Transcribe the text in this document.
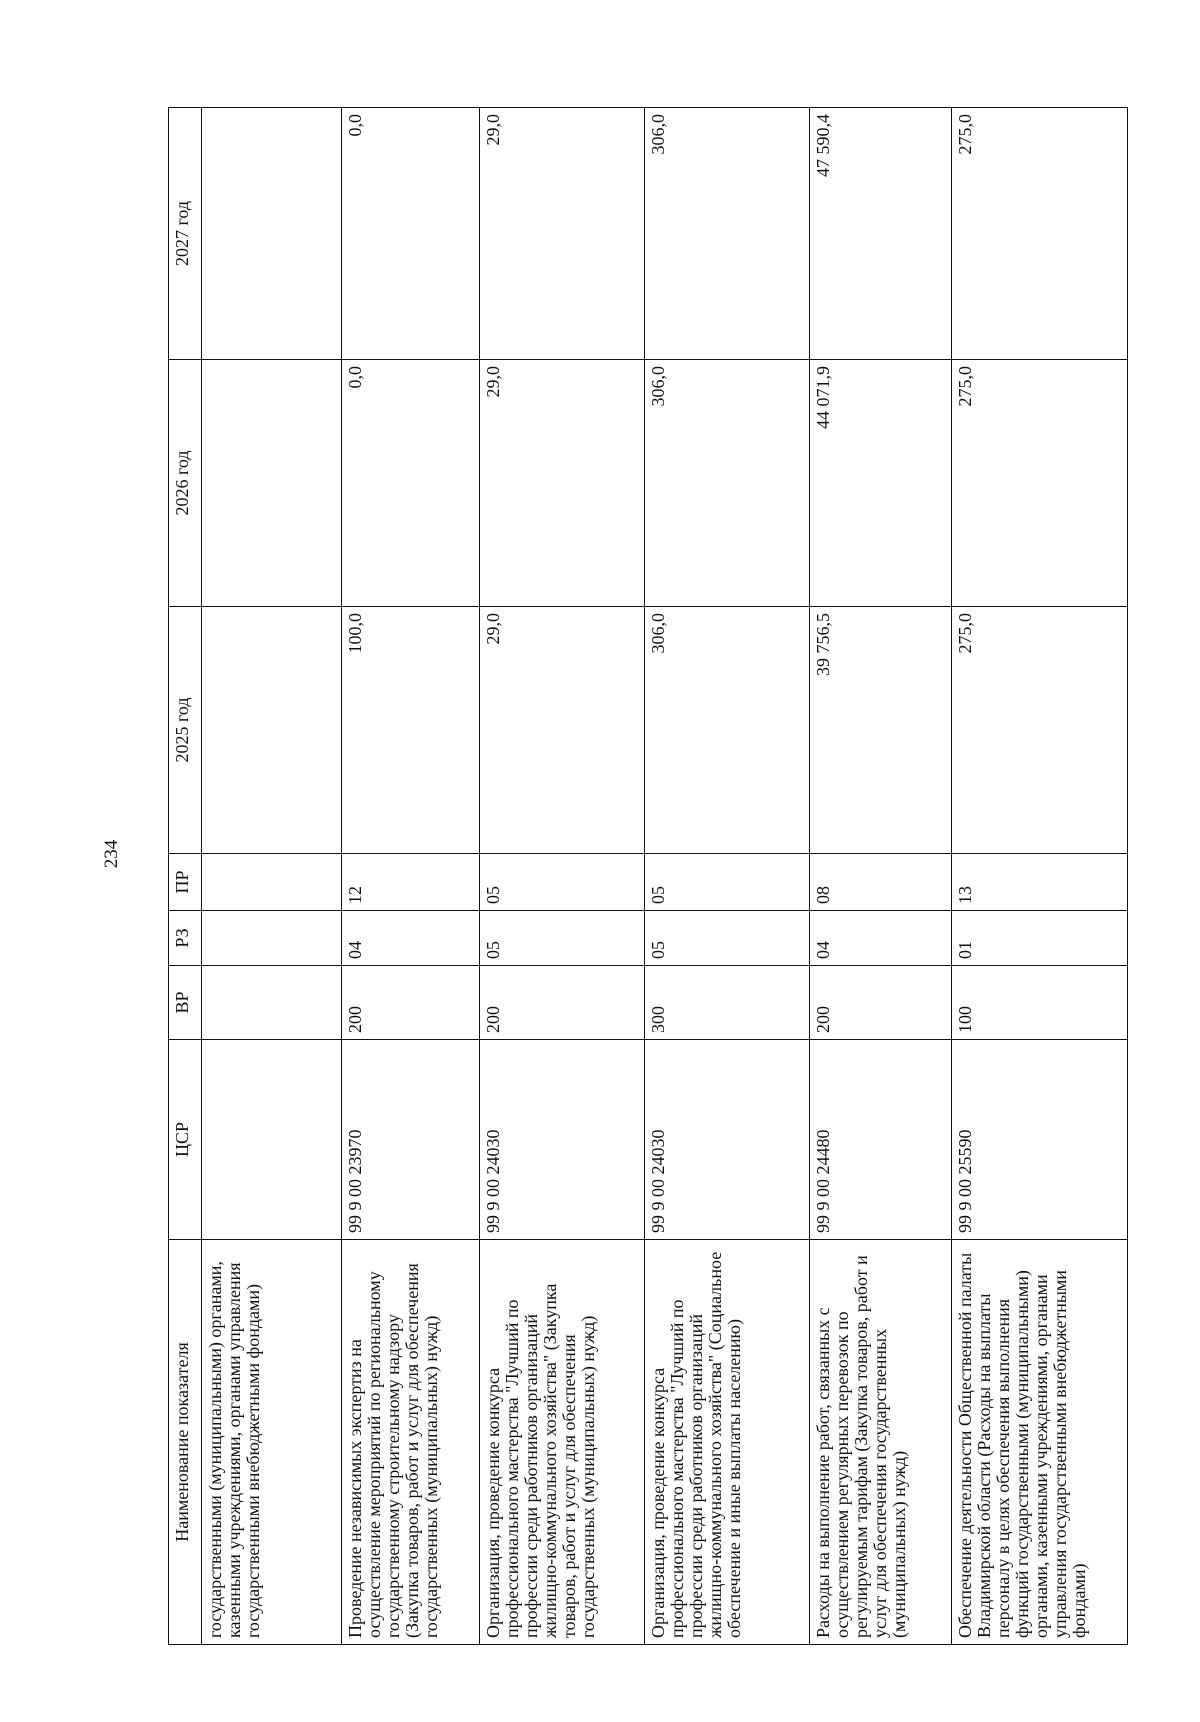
234
Наименование показателя	ЦСР	ВР	РЗ	ПР	2025 год	2026 год	2027 год
государственными (муниципальными) органами, казенными учреждениями, органами управления государственными внебюджетными фондами)							
Проведение независимых экспертиз на осуществление мероприятий по региональному государственному строительному надзору (Закупка товаров, работ и услуг для обеспечения государственных (муниципальных) нужд)	99 9 00 23970	200	04	12	100,0	0,0	0,0
Организация, проведение конкурса профессионального мастерства "Лучший по профессии среди работников организаций жилищно-коммунального хозяйства" (Закупка товаров, работ и услуг для обеспечения государственных (муниципальных) нужд)	99 9 00 24030	200	05	05	29,0	29,0	29,0
Организация, проведение конкурса профессионального мастерства "Лучший по профессии среди работников организаций жилищно-коммунального хозяйства" (Социальное обеспечение и иные выплаты населению)	99 9 00 24030	300	05	05	306,0	306,0	306,0
Расходы на выполнение работ, связанных с осуществлением регулярных перевозок по регулируемым тарифам (Закупка товаров, работ и услуг для обеспечения государственных (муниципальных) нужд)	99 9 00 24480	200	04	08	39 756,5	44 071,9	47 590,4
Обеспечение деятельности Общественной палаты Владимирской области (Расходы на выплаты персоналу в целях обеспечения выполнения функций государственными (муниципальными) органами, казенными учреждениями, органами управления государственными внебюджетными фондами)	99 9 00 25590	100	01	13	275,0	275,0	275,0
